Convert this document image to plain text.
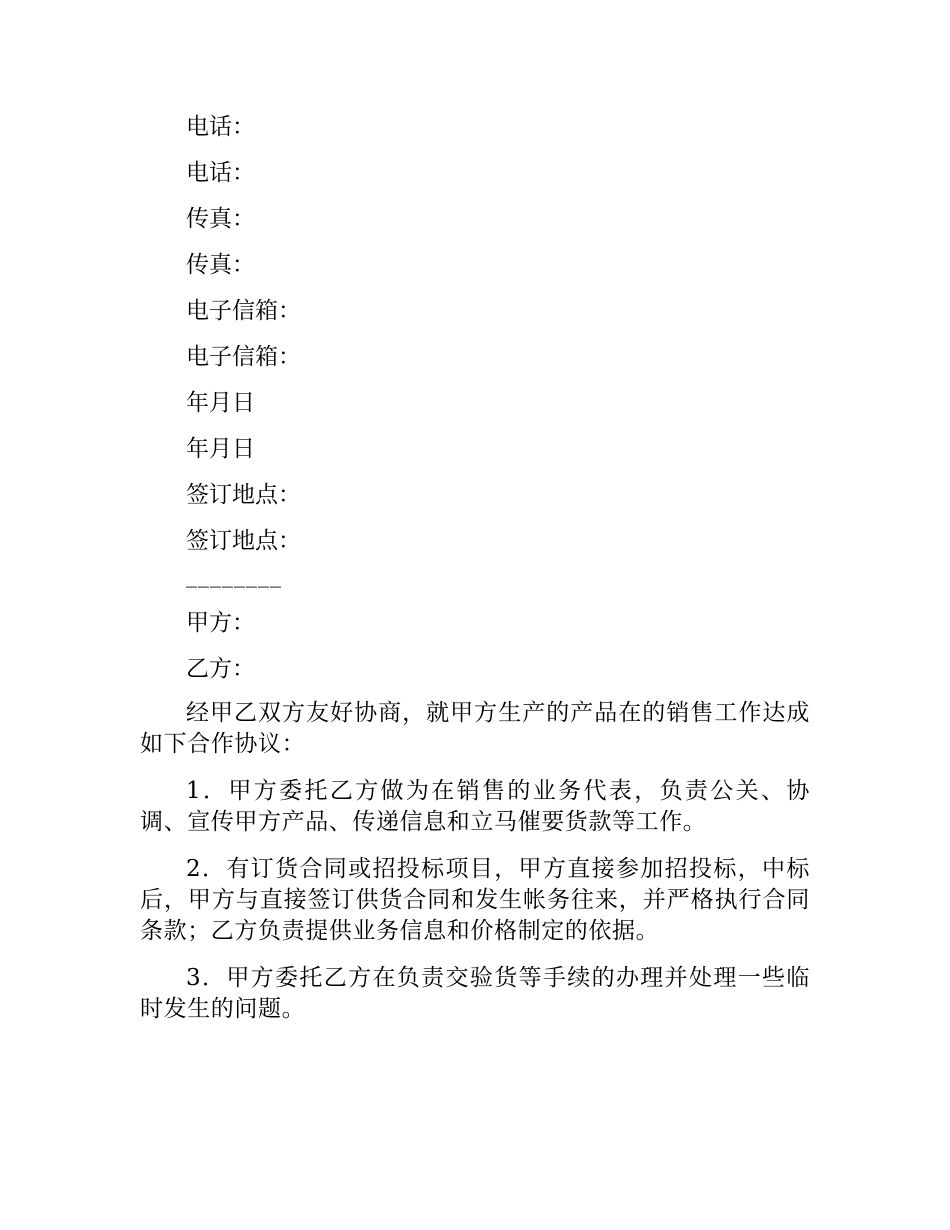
电话：
电话：
传真：
传真：
电子信箱：
电子信箱：
年月日
年月日
签订地点：
签订地点：
________
甲方：
乙方：

经甲乙双方友好协商，就甲方生产的产品在的销售工作达成如下合作协议：

1．甲方委托乙方做为在销售的业务代表，负责公关、协调、宣传甲方产品、传递信息和立马催要货款等工作。

2．有订货合同或招投标项目，甲方直接参加招投标，中标后，甲方与直接签订供货合同和发生帐务往来，并严格执行合同条款；乙方负责提供业务信息和价格制定的依据。

3．甲方委托乙方在负责交验货等手续的办理并处理一些临时发生的问题。
